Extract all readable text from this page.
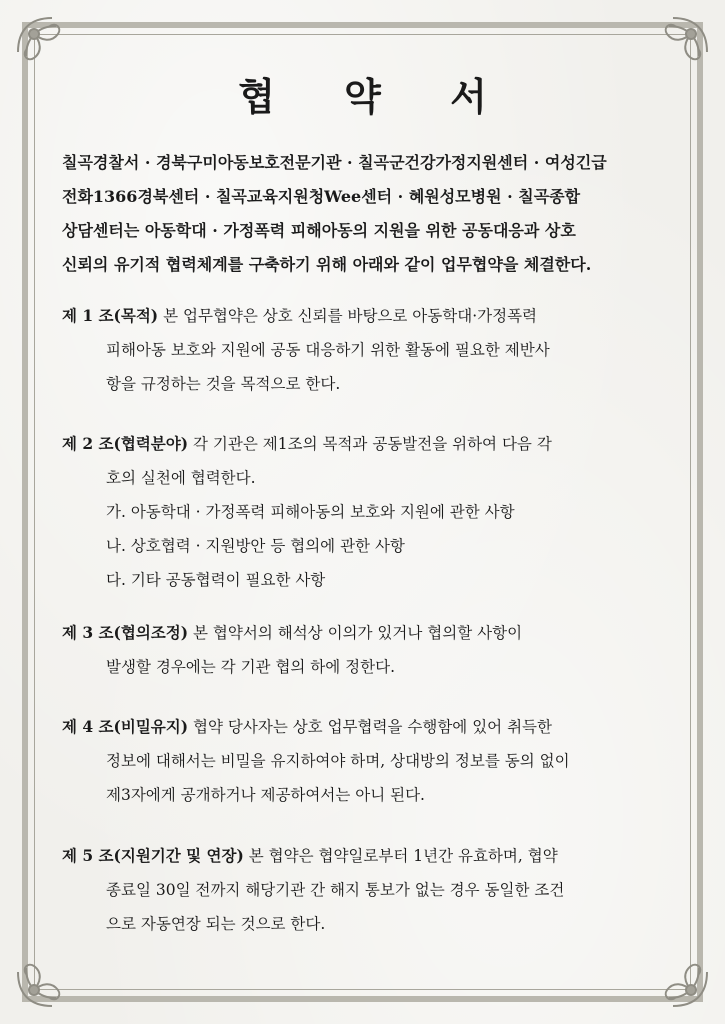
협 약 서
칠곡경찰서 · 경북구미아동보호전문기관 · 칠곡군건강가정지원센터 · 여성긴급
전화1366경북센터 · 칠곡교육지원청Wee센터 · 혜원성모병원 · 칠곡종합
상담센터는 아동학대 · 가정폭력 피해아동의 지원을 위한 공동대응과 상호
신뢰의 유기적 협력체계를 구축하기 위해 아래와 같이 업무협약을 체결한다.
제 1 조(목적) 본 업무협약은 상호 신뢰를 바탕으로 아동학대·가정폭력
피해아동 보호와 지원에 공동 대응하기 위한 활동에 필요한 제반사
항을 규정하는 것을 목적으로 한다.
제 2 조(협력분야) 각 기관은 제1조의 목적과 공동발전을 위하여 다음 각
호의 실천에 협력한다.
가. 아동학대 · 가정폭력 피해아동의 보호와 지원에 관한 사항
나. 상호협력 · 지원방안 등 협의에 관한 사항
다. 기타 공동협력이 필요한 사항
제 3 조(협의조정) 본 협약서의 해석상 이의가 있거나 협의할 사항이
발생할 경우에는 각 기관 협의 하에 정한다.
제 4 조(비밀유지) 협약 당사자는 상호 업무협력을 수행함에 있어 취득한
정보에 대해서는 비밀을 유지하여야 하며, 상대방의 정보를 동의 없이
제3자에게 공개하거나 제공하여서는 아니 된다.
제 5 조(지원기간 및 연장) 본 협약은 협약일로부터 1년간 유효하며, 협약
종료일 30일 전까지 해당기관 간 해지 통보가 없는 경우 동일한 조건
으로 자동연장 되는 것으로 한다.
